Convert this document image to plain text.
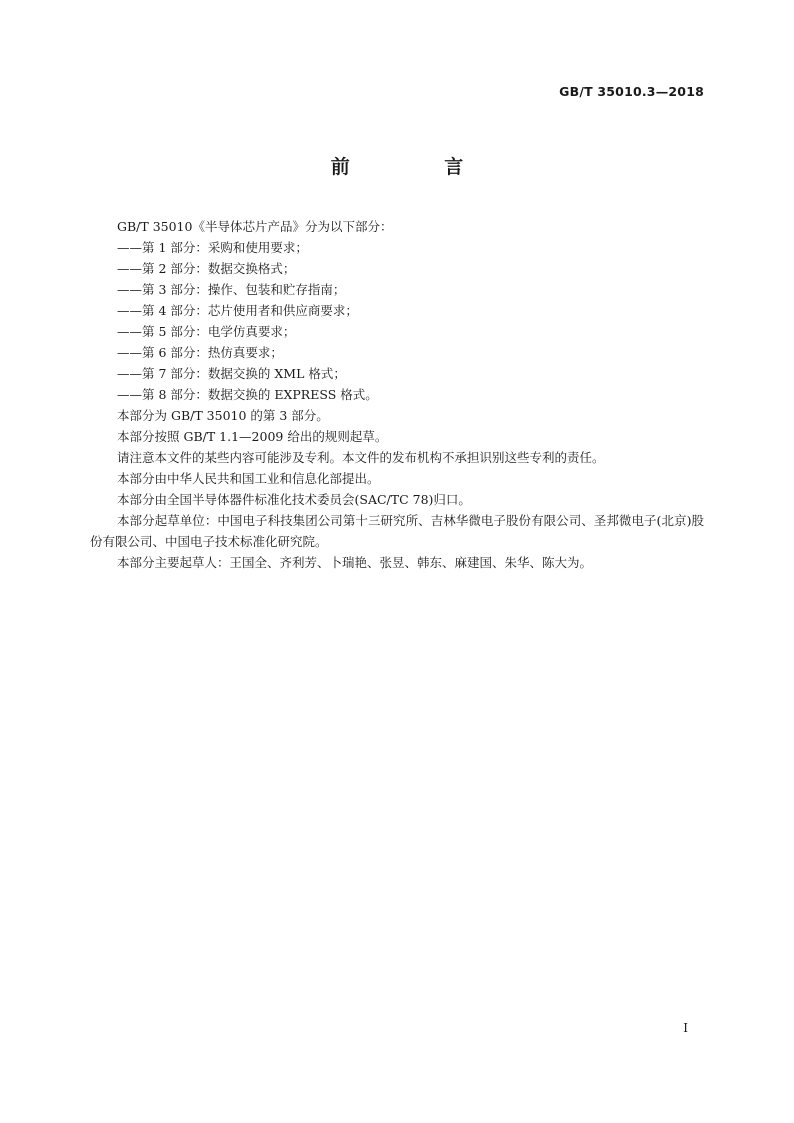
GB/T 35010.3—2018
前 言

GB/T 35010《半导体芯片产品》分为以下部分：

——第 1 部分：采购和使用要求；

——第 2 部分：数据交换格式；

——第 3 部分：操作、包装和贮存指南；

——第 4 部分：芯片使用者和供应商要求；

——第 5 部分：电学仿真要求；

——第 6 部分：热仿真要求；

——第 7 部分：数据交换的 XML 格式；

——第 8 部分：数据交换的 EXPRESS 格式。

本部分为 GB/T 35010 的第 3 部分。

本部分按照 GB/T 1.1—2009 给出的规则起草。

请注意本文件的某些内容可能涉及专利。本文件的发布机构不承担识别这些专利的责任。

本部分由中华人民共和国工业和信息化部提出。

本部分由全国半导体器件标准化技术委员会(SAC/TC 78)归口。

本部分起草单位：中国电子科技集团公司第十三研究所、吉林华微电子股份有限公司、圣邦微电子(北京)股份有限公司、中国电子技术标准化研究院。

本部分主要起草人：王国全、齐利芳、卜瑞艳、张昱、韩东、麻建国、朱华、陈大为。

I
